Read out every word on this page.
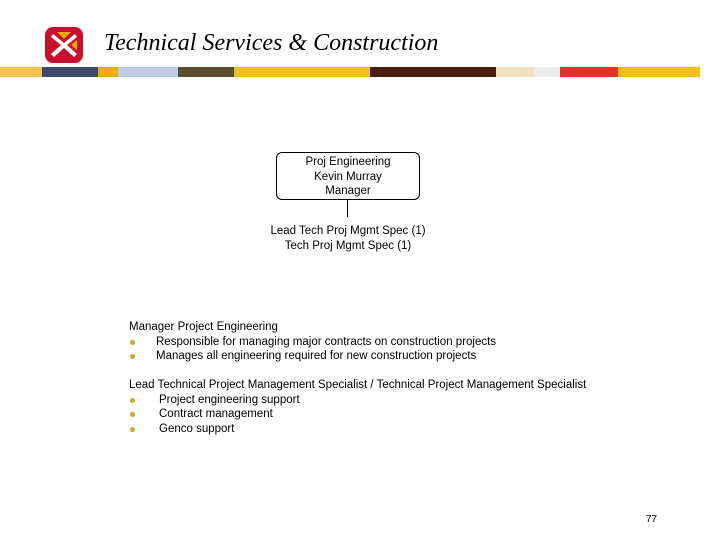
Technical Services & Construction
Proj Engineering
Kevin Murray
Manager
Lead Tech Proj Mgmt Spec (1)
Tech Proj Mgmt Spec (1)
Manager Project Engineering
Responsible for managing major contracts on construction projects
Manages all engineering required for new construction projects
Lead Technical Project Management Specialist / Technical Project Management Specialist
Project engineering support
Contract management
Genco support
77
